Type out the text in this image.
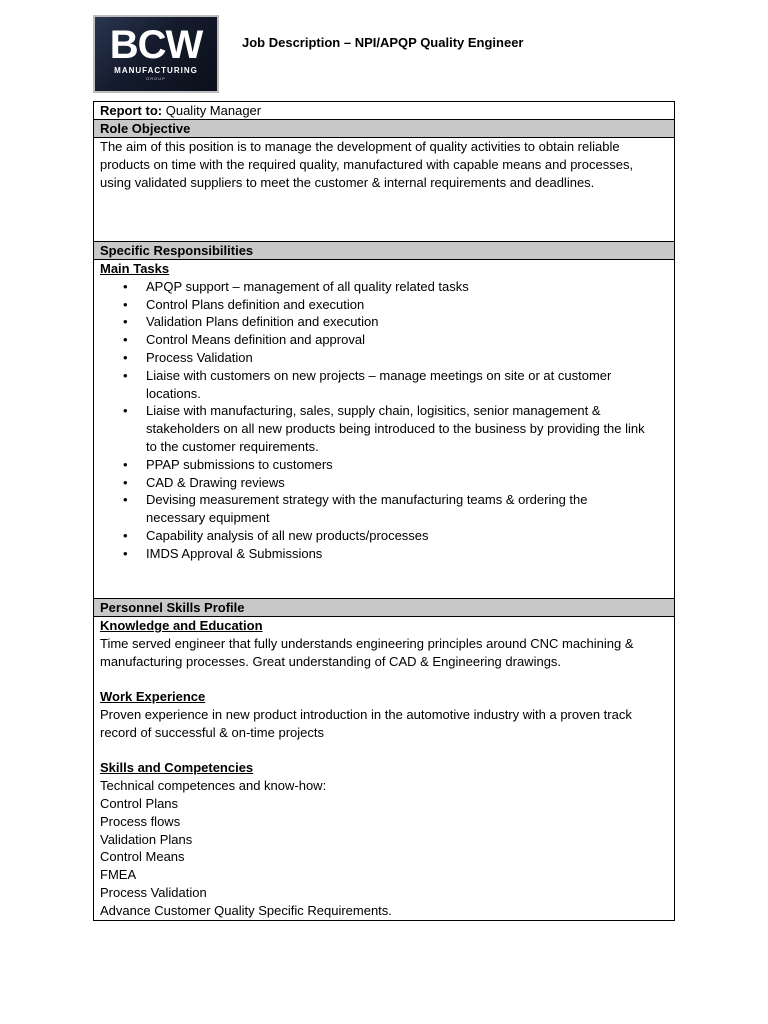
BCW
MANUFACTURING
GROUP
Job Description – NPI/APQP Quality Engineer
Report to: Quality Manager
Role Objective

The aim of this position is to manage the development of quality activities to obtain reliable products on time with the required quality, manufactured with capable means and processes, using validated suppliers to meet the customer & internal requirements and deadlines.

Specific Responsibilities
Main Tasks
• APQP support – management of all quality related tasks
• Control Plans definition and execution
• Validation Plans definition and execution
• Control Means definition and approval
• Process Validation
• Liaise with customers on new projects – manage meetings on site or at customer locations.
• Liaise with manufacturing, sales, supply chain, logisitics, senior management & stakeholders on all new products being introduced to the business by providing the link to the customer requirements.
• PPAP submissions to customers
• CAD & Drawing reviews
• Devising measurement strategy with the manufacturing teams & ordering the necessary equipment
• Capability analysis of all new products/processes
• IMDS Approval & Submissions
Personnel Skills Profile
Knowledge and Education

Time served engineer that fully understands engineering principles around CNC machining & manufacturing processes. Great understanding of CAD & Engineering drawings.

Work Experience

Proven experience in new product introduction in the automotive industry with a proven track record of successful & on-time projects

Skills and Competencies

Technical competences and know-how:

Control Plans

Process flows

Validation Plans

Control Means

FMEA

Process Validation

Advance Customer Quality Specific Requirements.
